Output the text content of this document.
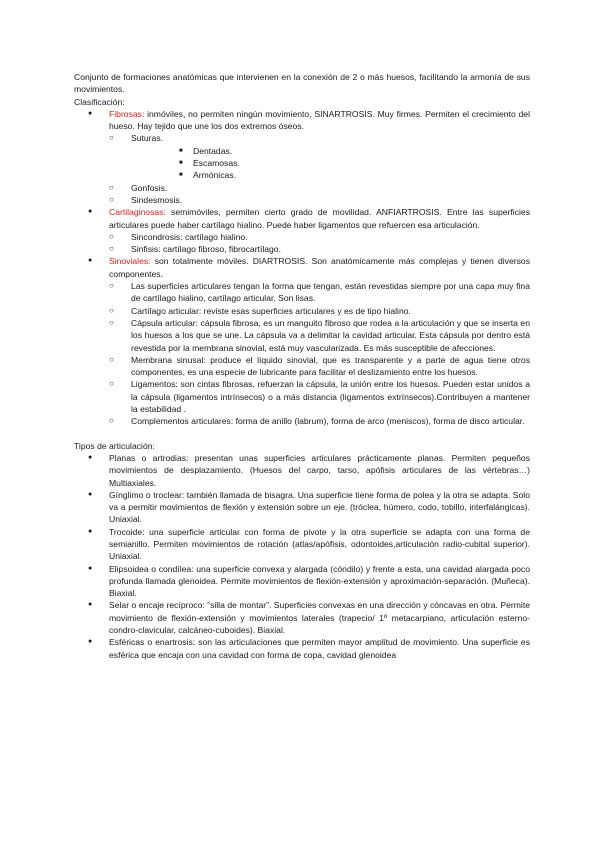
Conjunto de formaciones anatómicas que intervienen en la conexión de 2 o más huesos, facilitando la armonía de sus movimientos.

Clasificación:

● Fibrosas: inmóviles, no permiten ningún movimiento, SINARTROSIS. Muy firmes. Permiten el crecimiento del hueso. Hay tejido que une los dos extremos óseos.
○ Suturas.
■ Dentadas.
■ Escamosas.
■ Armónicas.
○ Gonfosis.
○ Sindesmosis.
● Cartilaginosas: semimóviles, permiten cierto grado de movilidad. ANFIARTROSIS. Entre las superficies articulares puede haber cartílago hialino. Puede haber ligamentos que refuercen esa articulación.
○ Sincondrosis: cartílago hialino.
○ Sinfisis: cartílago fibroso, fibrocartílago.
● Sinoviales: son totalmente móviles. DIARTROSIS. Son anatómicamente más complejas y tienen diversos componentes.
○ Las superficies articulares tengan la forma que tengan, están revestidas siempre por una capa muy fina de cartílago hialino, cartílago articular. Son lisas.
○ Cartílago articular: reviste esas superficies articulares y es de tipo hialino.
○ Cápsula articular: cápsula fibrosa, es un manguito fibroso que rodea a la articulación y que se inserta en los huesos a los que se une. La cápsula va a delimitar la cavidad articular. Esta cápsula por dentro está revestida por la membrana sinovial, está muy vascularizada. Es más susceptible de afecciones.
○ Membrana sinusal: produce el líquido sinovial, que es transparente y a parte de agua tiene otros componentes, es una especie de lubricante para facilitar el deslizamiento entre los huesos.
○ Ligamentos: son cintas fibrosas, refuerzan la cápsula, la unión entre los huesos. Pueden estar unidos a la cápsula (ligamentos intrínsecos) o a más distancia (ligamentos extrínsecos).Contribuyen a mantener la estabilidad .
○ Complementos articulares: forma de anillo (labrum), forma de arco (meniscos), forma de disco articular.

Tipos de articulación:

● Planas o artrodias: presentan unas superficies articulares prácticamente planas. Permiten pequeños movimientos de desplazamiento. (Huesos del carpo, tarso, apófisis articulares de las vértebras…) Multiaxiales.
● Gínglimo o troclear: también llamada de bisagra. Una superficie tiene forma de polea y la otra se adapta. Solo va a permitir movimientos de flexión y extensión sobre un eje. (tróclea, húmero, codo, tobillo, interfalángicas). Uniaxial.
● Trocoide: una superficie articular con forma de pivote y la otra superficie se adapta con una forma de semianillo. Permiten movimientos de rotación (atlas/apófisis, odontoides,articulación radio-cubital superior). Uniaxial.
● Elipsoidea o condílea: una superficie convexa y alargada (cóndilo) y frente a esta, una cavidad alargada poco profunda llamada glenoidea. Permite movimientos de flexión-extensión y aproximación-separación. (Muñeca). Biaxial.
● Selar o encaje recíproco: “silla de montar”. Superficies convexas en una dirección y cóncavas en otra. Permite movimiento de flexión-extensión y movimientos laterales (trapecio/ 1º metacarpiano, articulación esterno-condro-clavicular, calcáneo-cuboides). Biaxial.
● Esféricas o enartrosis: son las articulaciones que permiten mayor amplitud de movimiento. Una superficie es esférica que encaja con una cavidad con forma de copa, cavidad glenoidea
